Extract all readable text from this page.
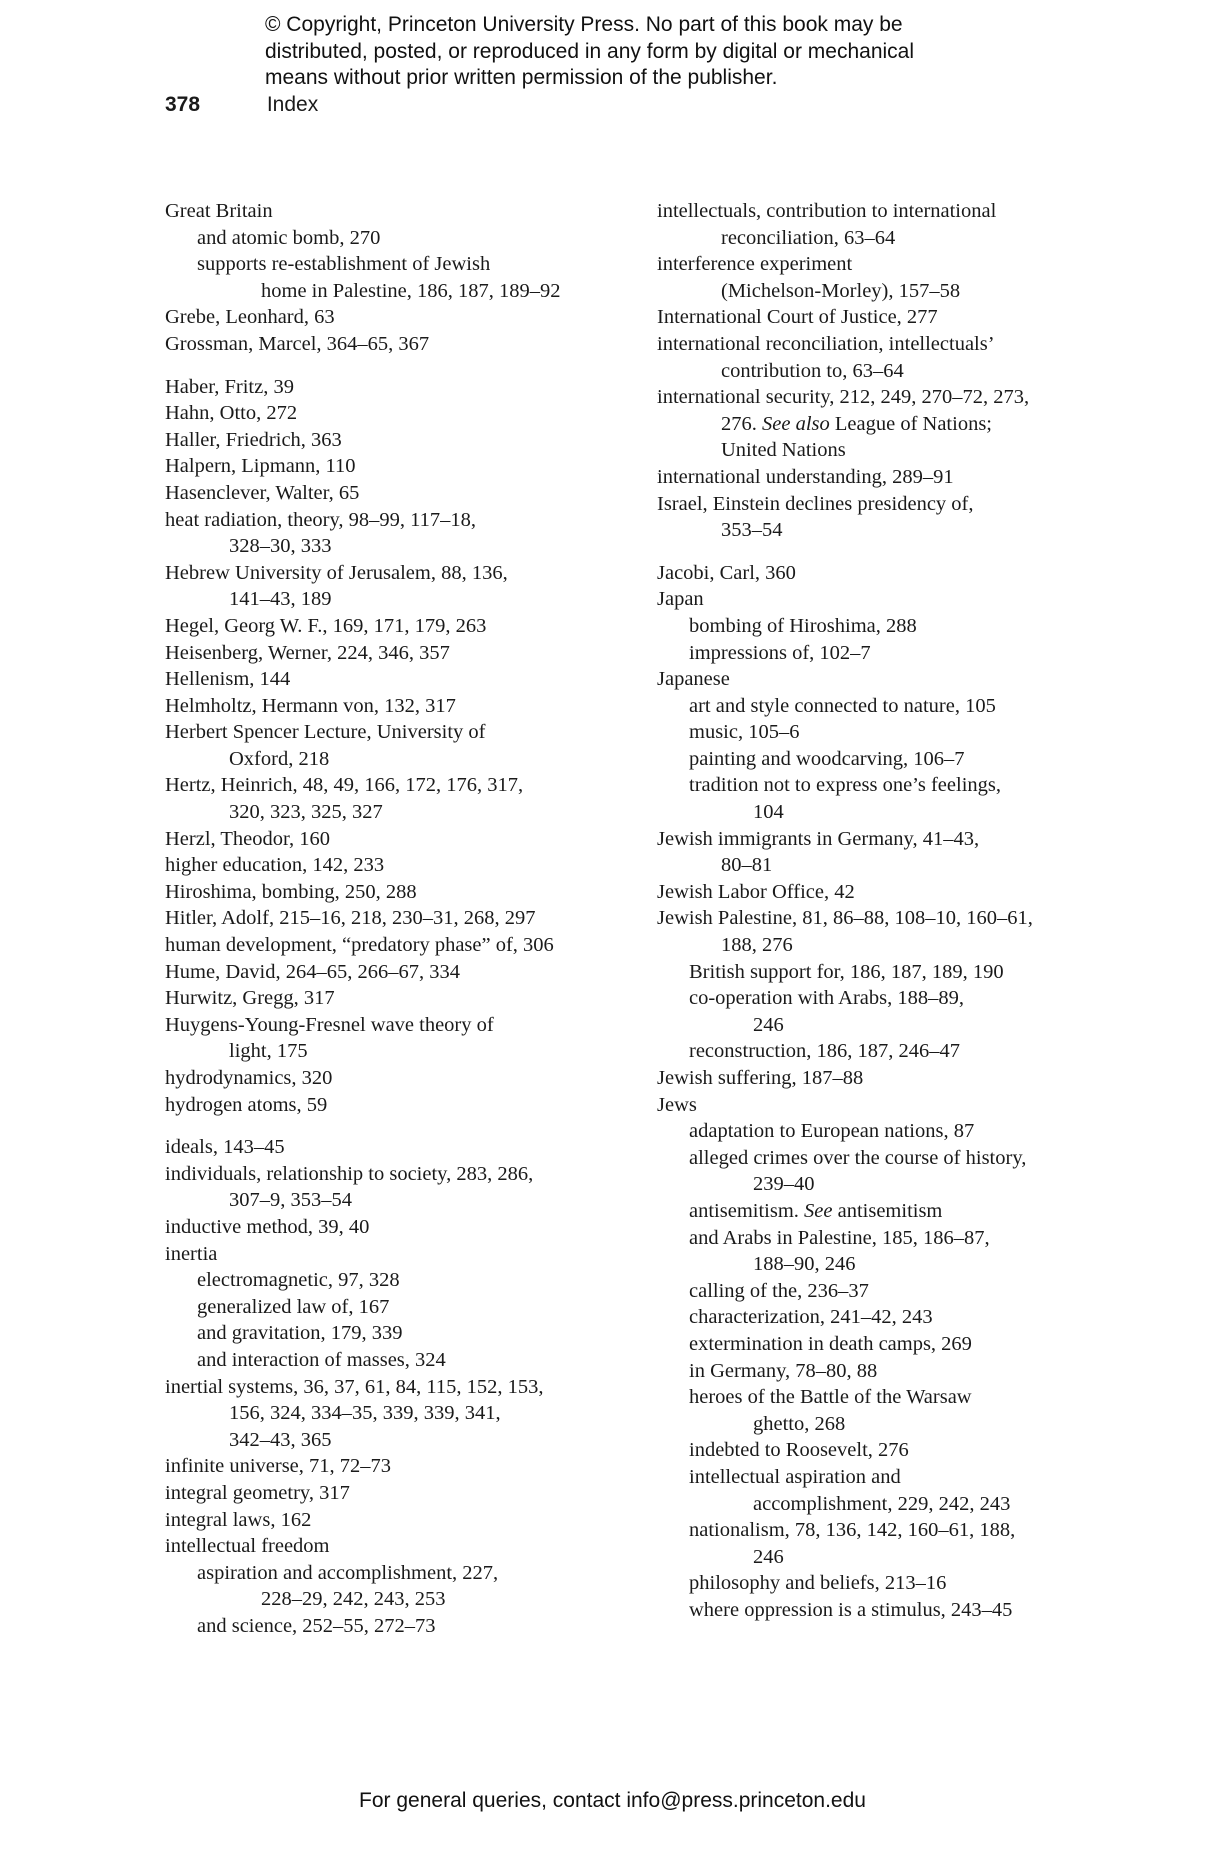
© Copyright, Princeton University Press. No part of this book may be
distributed, posted, or reproduced in any form by digital or mechanical
means without prior written permission of the publisher.
378	Index

Great Britain

and atomic bomb, 270

supports re-establishment of Jewish
home in Palestine, 186, 187, 189–92

Grebe, Leonhard, 63

Grossman, Marcel, 364–65, 367

Haber, Fritz, 39

Hahn, Otto, 272

Haller, Friedrich, 363

Halpern, Lipmann, 110

Hasenclever, Walter, 65

heat radiation, theory, 98–99, 117–18,
328–30, 333

Hebrew University of Jerusalem, 88, 136,
141–43, 189

Hegel, Georg W. F., 169, 171, 179, 263

Heisenberg, Werner, 224, 346, 357

Hellenism, 144

Helmholtz, Hermann von, 132, 317

Herbert Spencer Lecture, University of
Oxford, 218

Hertz, Heinrich, 48, 49, 166, 172, 176, 317,
320, 323, 325, 327

Herzl, Theodor, 160

higher education, 142, 233

Hiroshima, bombing, 250, 288

Hitler, Adolf, 215–16, 218, 230–31, 268, 297

human development, “predatory phase” of, 306

Hume, David, 264–65, 266–67, 334

Hurwitz, Gregg, 317

Huygens-Young-Fresnel wave theory of
light, 175

hydrodynamics, 320

hydrogen atoms, 59

ideals, 143–45

individuals, relationship to society, 283, 286,
307–9, 353–54

inductive method, 39, 40

inertia

electromagnetic, 97, 328

generalized law of, 167

and gravitation, 179, 339

and interaction of masses, 324

inertial systems, 36, 37, 61, 84, 115, 152, 153,
156, 324, 334–35, 339, 339, 341,
342–43, 365

infinite universe, 71, 72–73

integral geometry, 317

integral laws, 162

intellectual freedom

aspiration and accomplishment, 227,
228–29, 242, 243, 253

and science, 252–55, 272–73

intellectuals, contribution to international
reconciliation, 63–64

interference experiment
(Michelson-Morley), 157–58

International Court of Justice, 277

international reconciliation, intellectuals’
contribution to, 63–64

international security, 212, 249, 270–72, 273,
276. See also League of Nations;
United Nations

international understanding, 289–91

Israel, Einstein declines presidency of,
353–54

Jacobi, Carl, 360

Japan

bombing of Hiroshima, 288

impressions of, 102–7

Japanese

art and style connected to nature, 105

music, 105–6

painting and woodcarving, 106–7

tradition not to express one’s feelings,
104

Jewish immigrants in Germany, 41–43,
80–81

Jewish Labor Office, 42

Jewish Palestine, 81, 86–88, 108–10, 160–61,
188, 276

British support for, 186, 187, 189, 190

co-operation with Arabs, 188–89,
246

reconstruction, 186, 187, 246–47

Jewish suffering, 187–88

Jews

adaptation to European nations, 87

alleged crimes over the course of history,
239–40

antisemitism. See antisemitism

and Arabs in Palestine, 185, 186–87,
188–90, 246

calling of the, 236–37

characterization, 241–42, 243

extermination in death camps, 269

in Germany, 78–80, 88

heroes of the Battle of the Warsaw
ghetto, 268

indebted to Roosevelt, 276

intellectual aspiration and
accomplishment, 229, 242, 243

nationalism, 78, 136, 142, 160–61, 188,
246

philosophy and beliefs, 213–16

where oppression is a stimulus, 243–45

For general queries, contact info@press.princeton.edu
